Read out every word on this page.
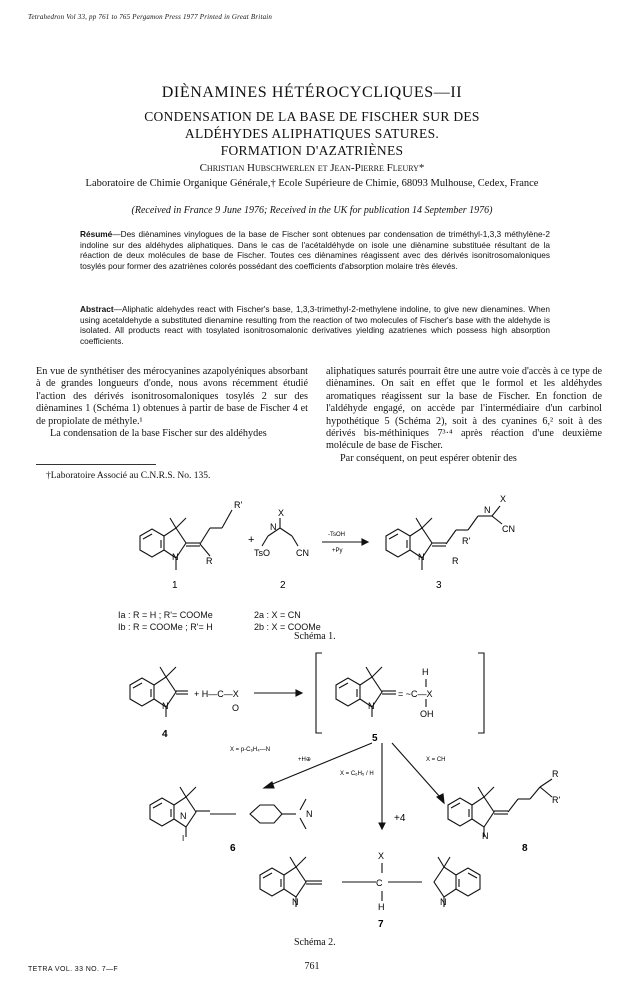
Tetrahedron Vol 33, pp 761 to 765 Pergamon Press 1977 Printed in Great Britain
DIÈNAMINES HÉTÉROCYCLIQUES—II
CONDENSATION DE LA BASE DE FISCHER SUR DES
ALDÉHYDES ALIPHATIQUES SATURES.
FORMATION D'AZATRIÈNES
Christian Hubschwerlen et Jean-Pierre Fleury*
Laboratoire de Chimie Organique Générale,† Ecole Supérieure de Chimie, 68093 Mulhouse, Cedex, France
(Received in France 9 June 1976; Received in the UK for publication 14 September 1976)
Résumé—Des diènamines vinylogues de la base de Fischer sont obtenues par condensation de triméthyl-1,3,3 méthylène-2 indoline sur des aldéhydes aliphatiques. Dans le cas de l'acétaldéhyde on isole une diènamine substituée résultant de la réaction de deux molécules de base de Fischer. Toutes ces diènamines réagissent avec des dérivés isonitrosomaloniques tosylés pour former des azatriènes colorés possédant des coefficients d'absorption molaire très élevés.
Abstract—Aliphatic aldehydes react with Fischer's base, 1,3,3-trimethyl-2-methylene indoline, to give new dienamines. When using acetaldehyde a substituted dienamine resulting from the reaction of two molecules of Fischer's base with the aldehyde is isolated. All products react with tosylated isonitrosomalonic derivatives yielding azatrienes which possess high absorption coefficients.

En vue de synthétiser des mérocyanines azapolyéniques absorbant à de grandes longueurs d'onde, nous avons récemment étudié l'action des dérivés isonitrosomaloniques tosylés 2 sur des diènamines 1 (Schéma 1) obtenues à partir de base de Fischer 4 et de propiolate de méthyle.¹

La condensation de la base Fischer sur des aldéhydes

aliphatiques saturés pourrait être une autre voie d'accès à ce type de diènamines. On sait en effet que le formol et les aldéhydes aromatiques réagissent sur la base de Fischer. En fonction de l'aldéhyde engagé, on accède par l'intermédiaire d'un carbinol hypothétique 5 (Schéma 2), soit à des cyanines 6,² soit à des dérivés bis-méthiniques 7³·⁴ après réaction d'une deuxième molécule de base de Fischer.

Par conséquent, on peut espérer obtenir des

†Laboratoire Associé au C.N.R.S. No. 135.
R'
N	R
+
N
X
TsO	CN
-TsOH
+Py
N
N
X
CN
R'
R
1	2	3
Ia : R = H ; R'= COOMe
Ib : R = COOMe ; R'= H
2a : X = CN
2b : X = COOMe
Schéma 1.
N
+ H—C—X
O	N
= ~C—X
H
OH
4	5
X = p-C₆H₄—N
+H⊕
X = C₆H₅ / H
+4
X = CH
N
I
N
N
R
R'
6	8
X
C
H
N	N
7
Schéma 2.
TETRA VOL. 33 NO. 7—F	761
